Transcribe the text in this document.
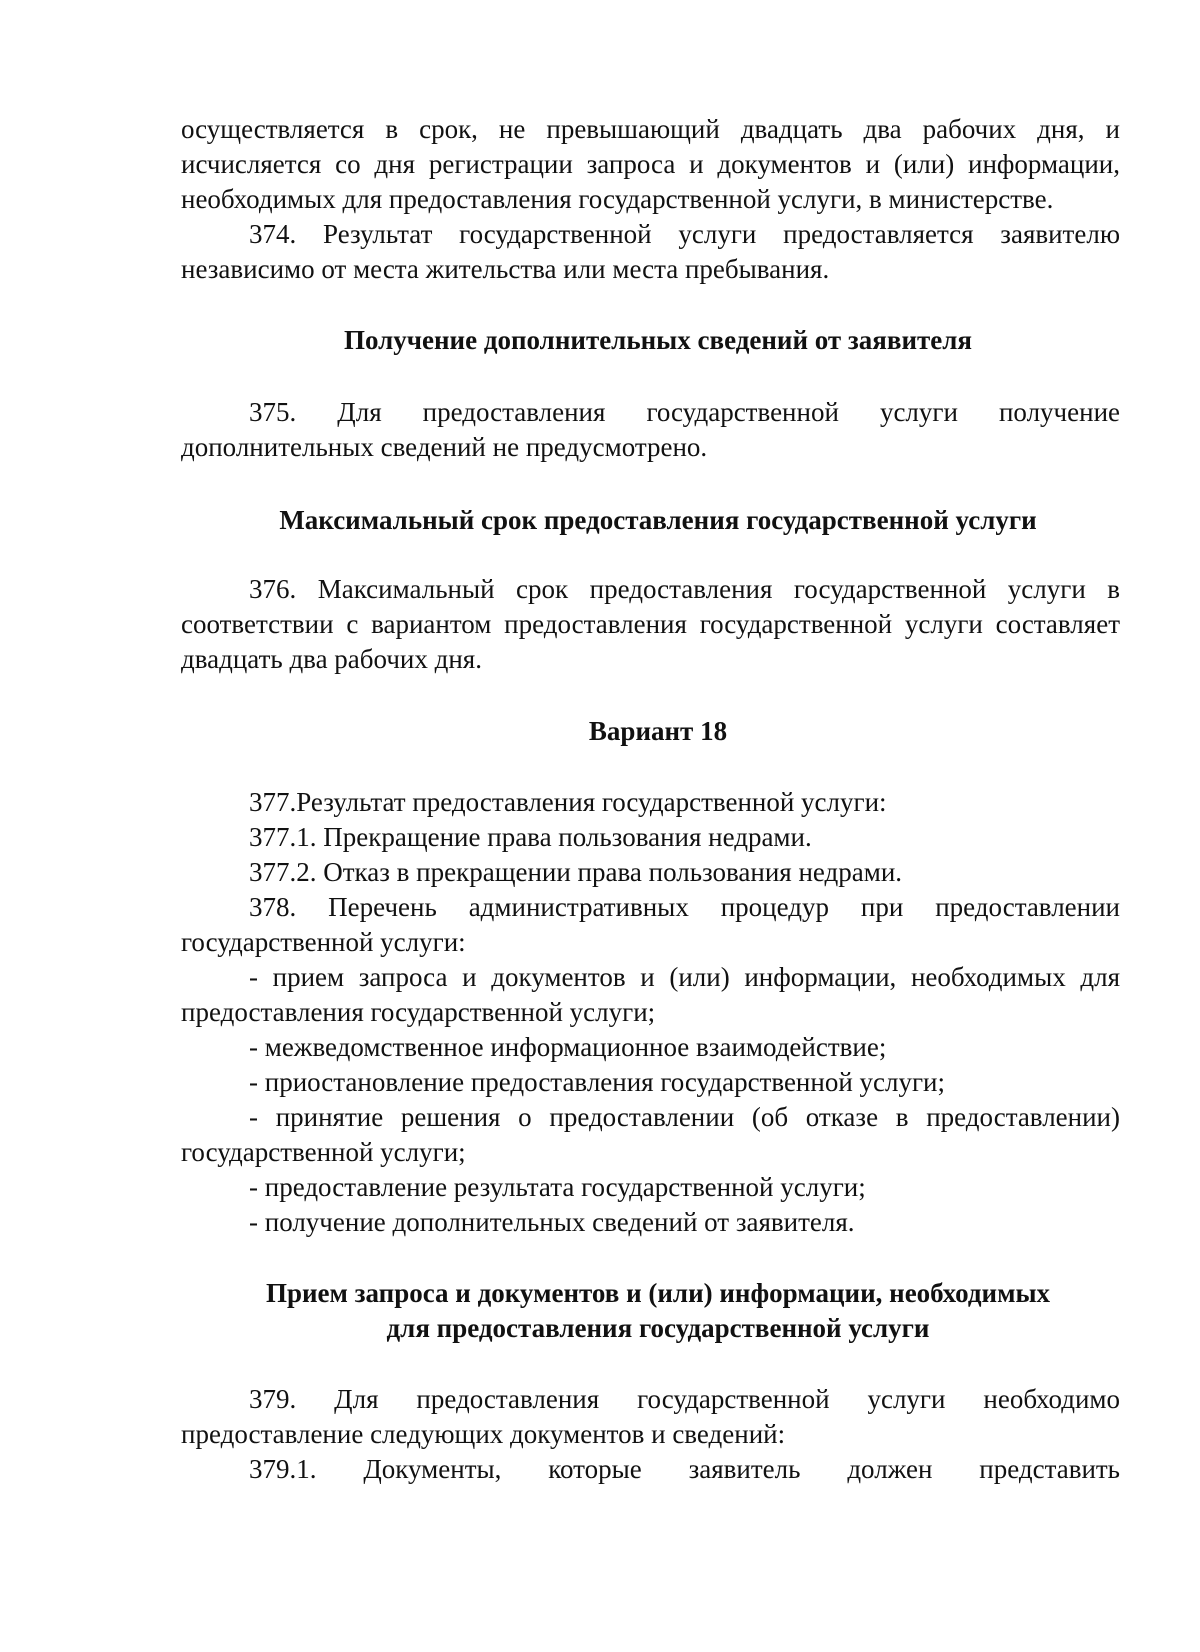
осуществляется в срок, не превышающий двадцать два рабочих дня, и
исчисляется со дня регистрации запроса и документов и (или) информации,
необходимых для предоставления государственной услуги, в министерстве.
374. Результат государственной услуги предоставляется заявителю
независимо от места жительства или места пребывания.
Получение дополнительных сведений от заявителя
375. Для предоставления государственной услуги получение
дополнительных сведений не предусмотрено.
Максимальный срок предоставления государственной услуги
376. Максимальный срок предоставления государственной услуги в
соответствии с вариантом предоставления государственной услуги составляет
двадцать два рабочих дня.
Вариант 18
377.Результат предоставления государственной услуги:
377.1. Прекращение права пользования недрами.
377.2. Отказ в прекращении права пользования недрами.
378. Перечень административных процедур при предоставлении
государственной услуги:
- прием запроса и документов и (или) информации, необходимых для
предоставления государственной услуги;
- межведомственное информационное взаимодействие;
- приостановление предоставления государственной услуги;
- принятие решения о предоставлении (об отказе в предоставлении)
государственной услуги;
- предоставление результата государственной услуги;
- получение дополнительных сведений от заявителя.
Прием запроса и документов и (или) информации, необходимых
для предоставления государственной услуги
379. Для предоставления государственной услуги необходимо
предоставление следующих документов и сведений:
379.1. Документы, которые заявитель должен представить
